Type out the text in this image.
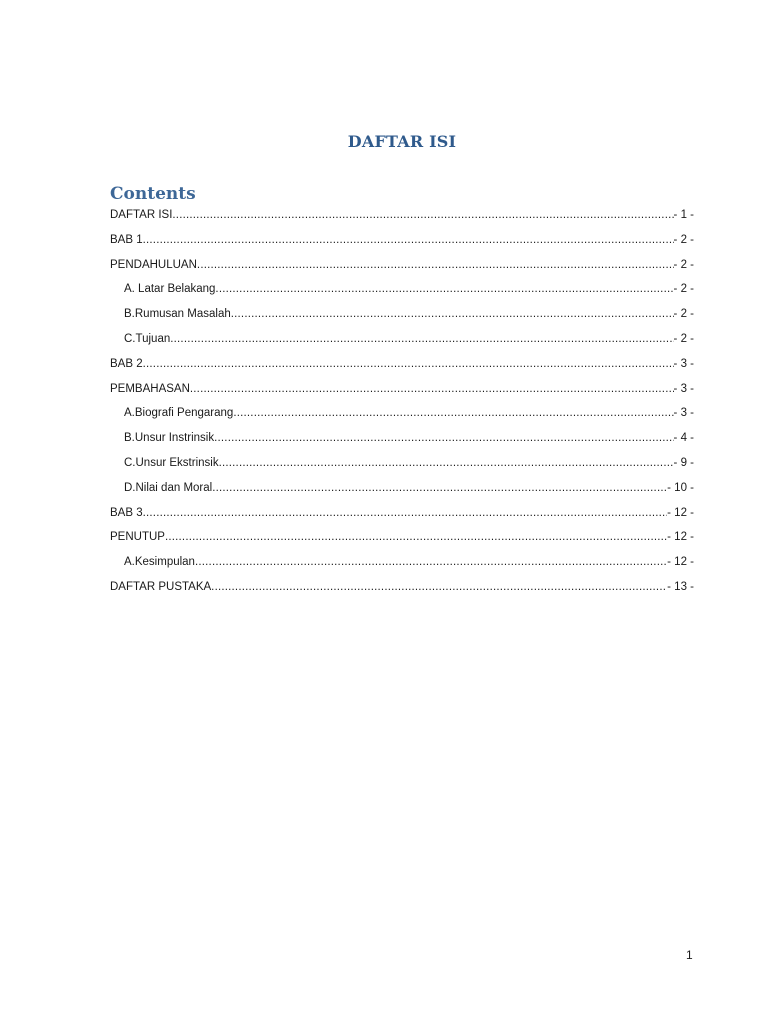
DAFTAR ISI
Contents
DAFTAR ISI .....	- 1 -
BAB 1 .....	- 2 -
PENDAHULUAN .....	- 2 -
A. Latar Belakang .....	- 2 -
B.Rumusan Masalah .....	- 2 -
C.Tujuan .....	- 2 -
BAB 2 .....	- 3 -
PEMBAHASAN .....	- 3 -
A.Biografi Pengarang .....	- 3 -
B.Unsur Instrinsik .....	- 4 -
C.Unsur Ekstrinsik .....	- 9 -
D.Nilai dan Moral .....	- 10 -
BAB 3 .....	- 12 -
PENUTUP .....	- 12 -
A.Kesimpulan .....	- 12 -
DAFTAR PUSTAKA .....	- 13 -
1
